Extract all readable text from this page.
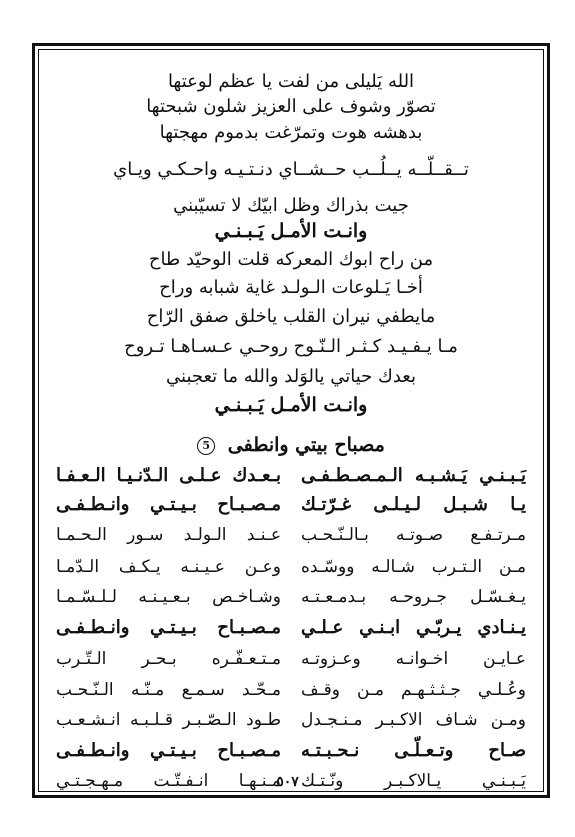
الله يَليلى من لفت يا عظم لوعتها
تصوّر وشوف على العزيز شلون شبحتها
بدهشه هوت وتمرّغت بدموم مهجتها
تــقــلّــه يــلُــب حــشــاي دنـتـيـه واحـكـي ويـاي
جيت بذراك وظل ابيّك لا تسيّبني
وانـت الأمـل يَـبـنـي
من راح ابوك المعركه قلت الوحيّد طاح
أخـا يَـلوعات الـولـد غاية شبابه وراح
مايطفي نيران القلب ياخلق صفق الرّاح
مـا يـفـيـد كـثـر الـنّـوح روحـي عـسـاهـا تـروح
بعدك حياتي يالوَلد والله ما تعجبني
وانـت الأمـل يَـبـنـي
مصباح بيتي وانطفى 5
يَـبـنـي يَـشـبـه الـمـصـطـفـى
بـعـدك عـلـى الـدّنـيـا الـعـفـا
يـا شـبـل لـيـلـى غـرّتـك
مـصـبـاح بـيـتـي وانـطـفـى
مـرتـفـع صـوتـه بـالـنّـحـب
عـنـد الـولـد سـور الـحـمـا
مـن الـتـرب شـالـه ووسّـده
وعـن عـيـنـه يـكـف الـدّمـا
يـغـسّـل جـروحـه بـدمـعـتـه
وشـاخـص بـعـيـنـه لـلـسّـمـا
يـنـادي يـربّـي ابـنـي عـلـي
مـصـبـاح بـيـتـي وانـطـفـى
عـايـن اخـوانـه وعـزوتـه
مـتـعـفّـره بـحـر الـتّـرب
وعُـلـي جـثـثـهـم مـن وقـف
مـحّـد سـمـع مـنّـه الـنّـحـب
ومـن شـاف الاكـبـر مـنـجـدل
طـود الـصّـبـر قـلـبـه انـشـعـب
صـاح وتـعـلّـى نـحـبـتـه
مـصـبـاح بـيـتـي وانـطـفـى
يَـبـنـي يـالاكـبـر ونّـتـك
مـنـهـا انـفـتّـت مـهـجـتـي
٥٠٧
